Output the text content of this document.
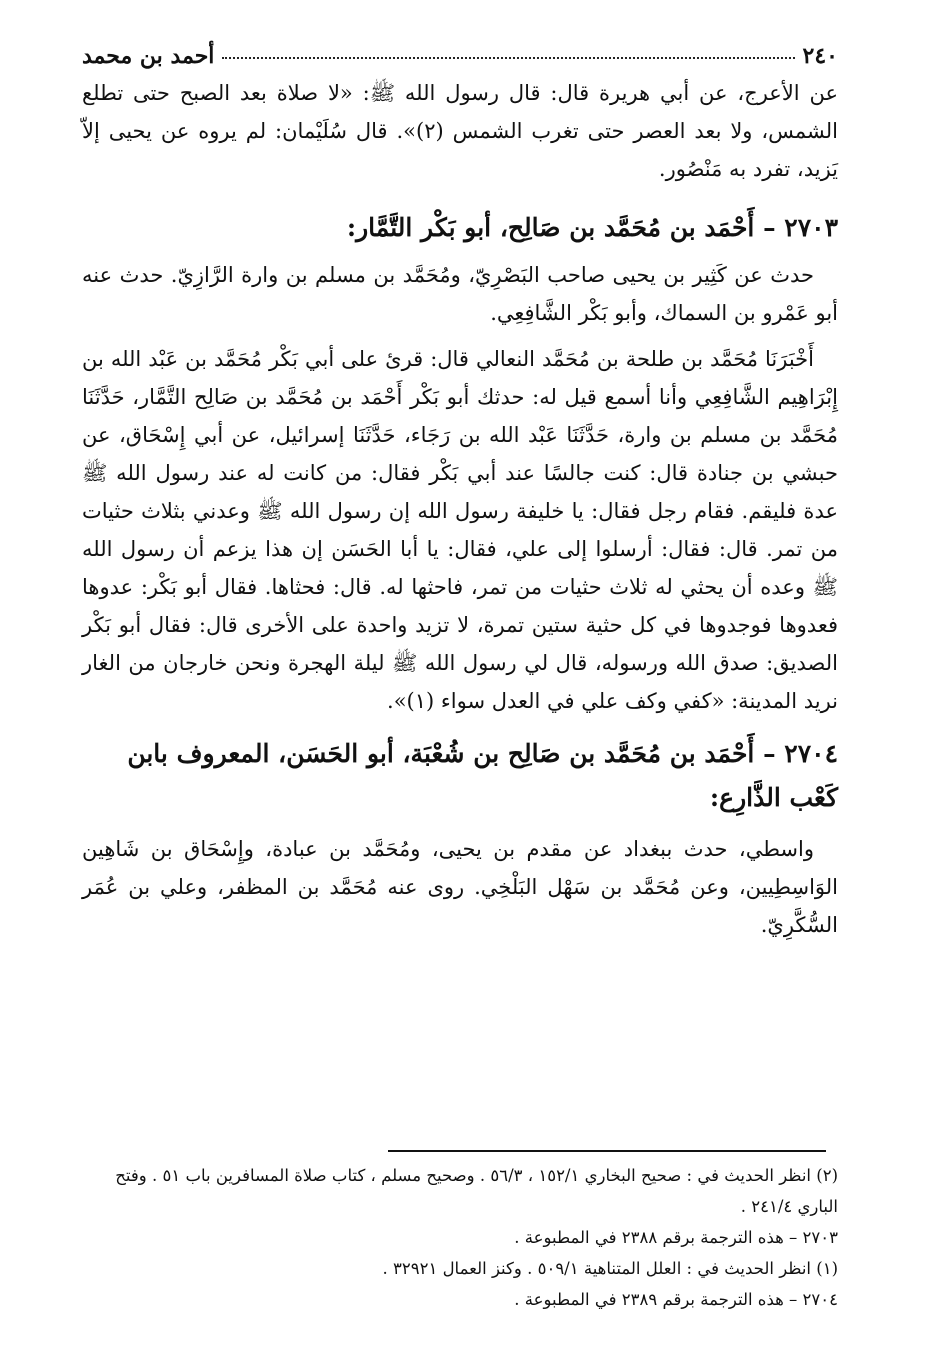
٢٤٠
أحمد بن محمد

عن الأعرج، عن أبي هريرة قال: قال رسول الله ﷺ: «لا صلاة بعد الصبح حتى تطلع الشمس، ولا بعد العصر حتى تغرب الشمس (٢)». قال سُلَيْمان: لم يروه عن يحيى إلاّ يَزيد، تفرد به مَنْصُور.

٢٧٠٣ – أَحْمَد بن مُحَمَّد بن صَالِح، أبو بَكْر التَّمَّار:

حدث عن كَثِير بن يحيى صاحب البَصْرِيّ، ومُحَمَّد بن مسلم بن وارة الرَّازِيّ. حدث عنه أبو عَمْرو بن السماك، وأبو بَكْر الشَّافِعِي.

أَخْبَرَنَا مُحَمَّد بن طلحة بن مُحَمَّد النعالي قال: قرئ على أبي بَكْر مُحَمَّد بن عَبْد الله بن إِبْرَاهِيم الشَّافِعِي وأنا أسمع قيل له: حدثك أبو بَكْر أَحْمَد بن مُحَمَّد بن صَالِح التَّمَّار، حَدَّثَنَا مُحَمَّد بن مسلم بن وارة، حَدَّثَنَا عَبْد الله بن رَجَاء، حَدَّثَنَا إسرائيل، عن أبي إِسْحَاق، عن حبشي بن جنادة قال: كنت جالسًا عند أبي بَكْر فقال: من كانت له عند رسول الله ﷺ عدة فليقم. فقام رجل فقال: يا خليفة رسول الله إن رسول الله ﷺ وعدني بثلاث حثيات من تمر. قال: فقال: أرسلوا إلى علي، فقال: يا أبا الحَسَن إن هذا يزعم أن رسول الله ﷺ وعده أن يحثي له ثلاث حثيات من تمر، فاحثها له. قال: فحثاها. فقال أبو بَكْر: عدوها فعدوها فوجدوها في كل حثية ستين تمرة، لا تزيد واحدة على الأخرى قال: فقال أبو بَكْر الصديق: صدق الله ورسوله، قال لي رسول الله ﷺ ليلة الهجرة ونحن خارجان من الغار نريد المدينة: «كفي وكف علي في العدل سواء (١)».

٢٧٠٤ – أَحْمَد بن مُحَمَّد بن صَالِح بن شُعْبَة، أبو الحَسَن، المعروف بابن كَعْب الذَّارِع:

واسطي، حدث ببغداد عن مقدم بن يحيى، ومُحَمَّد بن عبادة، وإِسْحَاق بن شَاهِين الوَاسِطِيين، وعن مُحَمَّد بن سَهْل البَلْخِي. روى عنه مُحَمَّد بن المظفر، وعلي بن عُمَر السُّكَّرِيّ.

(٢) انظر الحديث في : صحيح البخاري ١٥٢/١ ، ٥٦/٣ . وصحيح مسلم ، كتاب صلاة المسافرين باب ٥١ . وفتح الباري ٢٤١/٤ .
٢٧٠٣ – هذه الترجمة برقم ٢٣٨٨ في المطبوعة .
(١) انظر الحديث في : العلل المتناهية ٥٠٩/١ . وكنز العمال ٣٢٩٢١ .
٢٧٠٤ – هذه الترجمة برقم ٢٣٨٩ في المطبوعة .
